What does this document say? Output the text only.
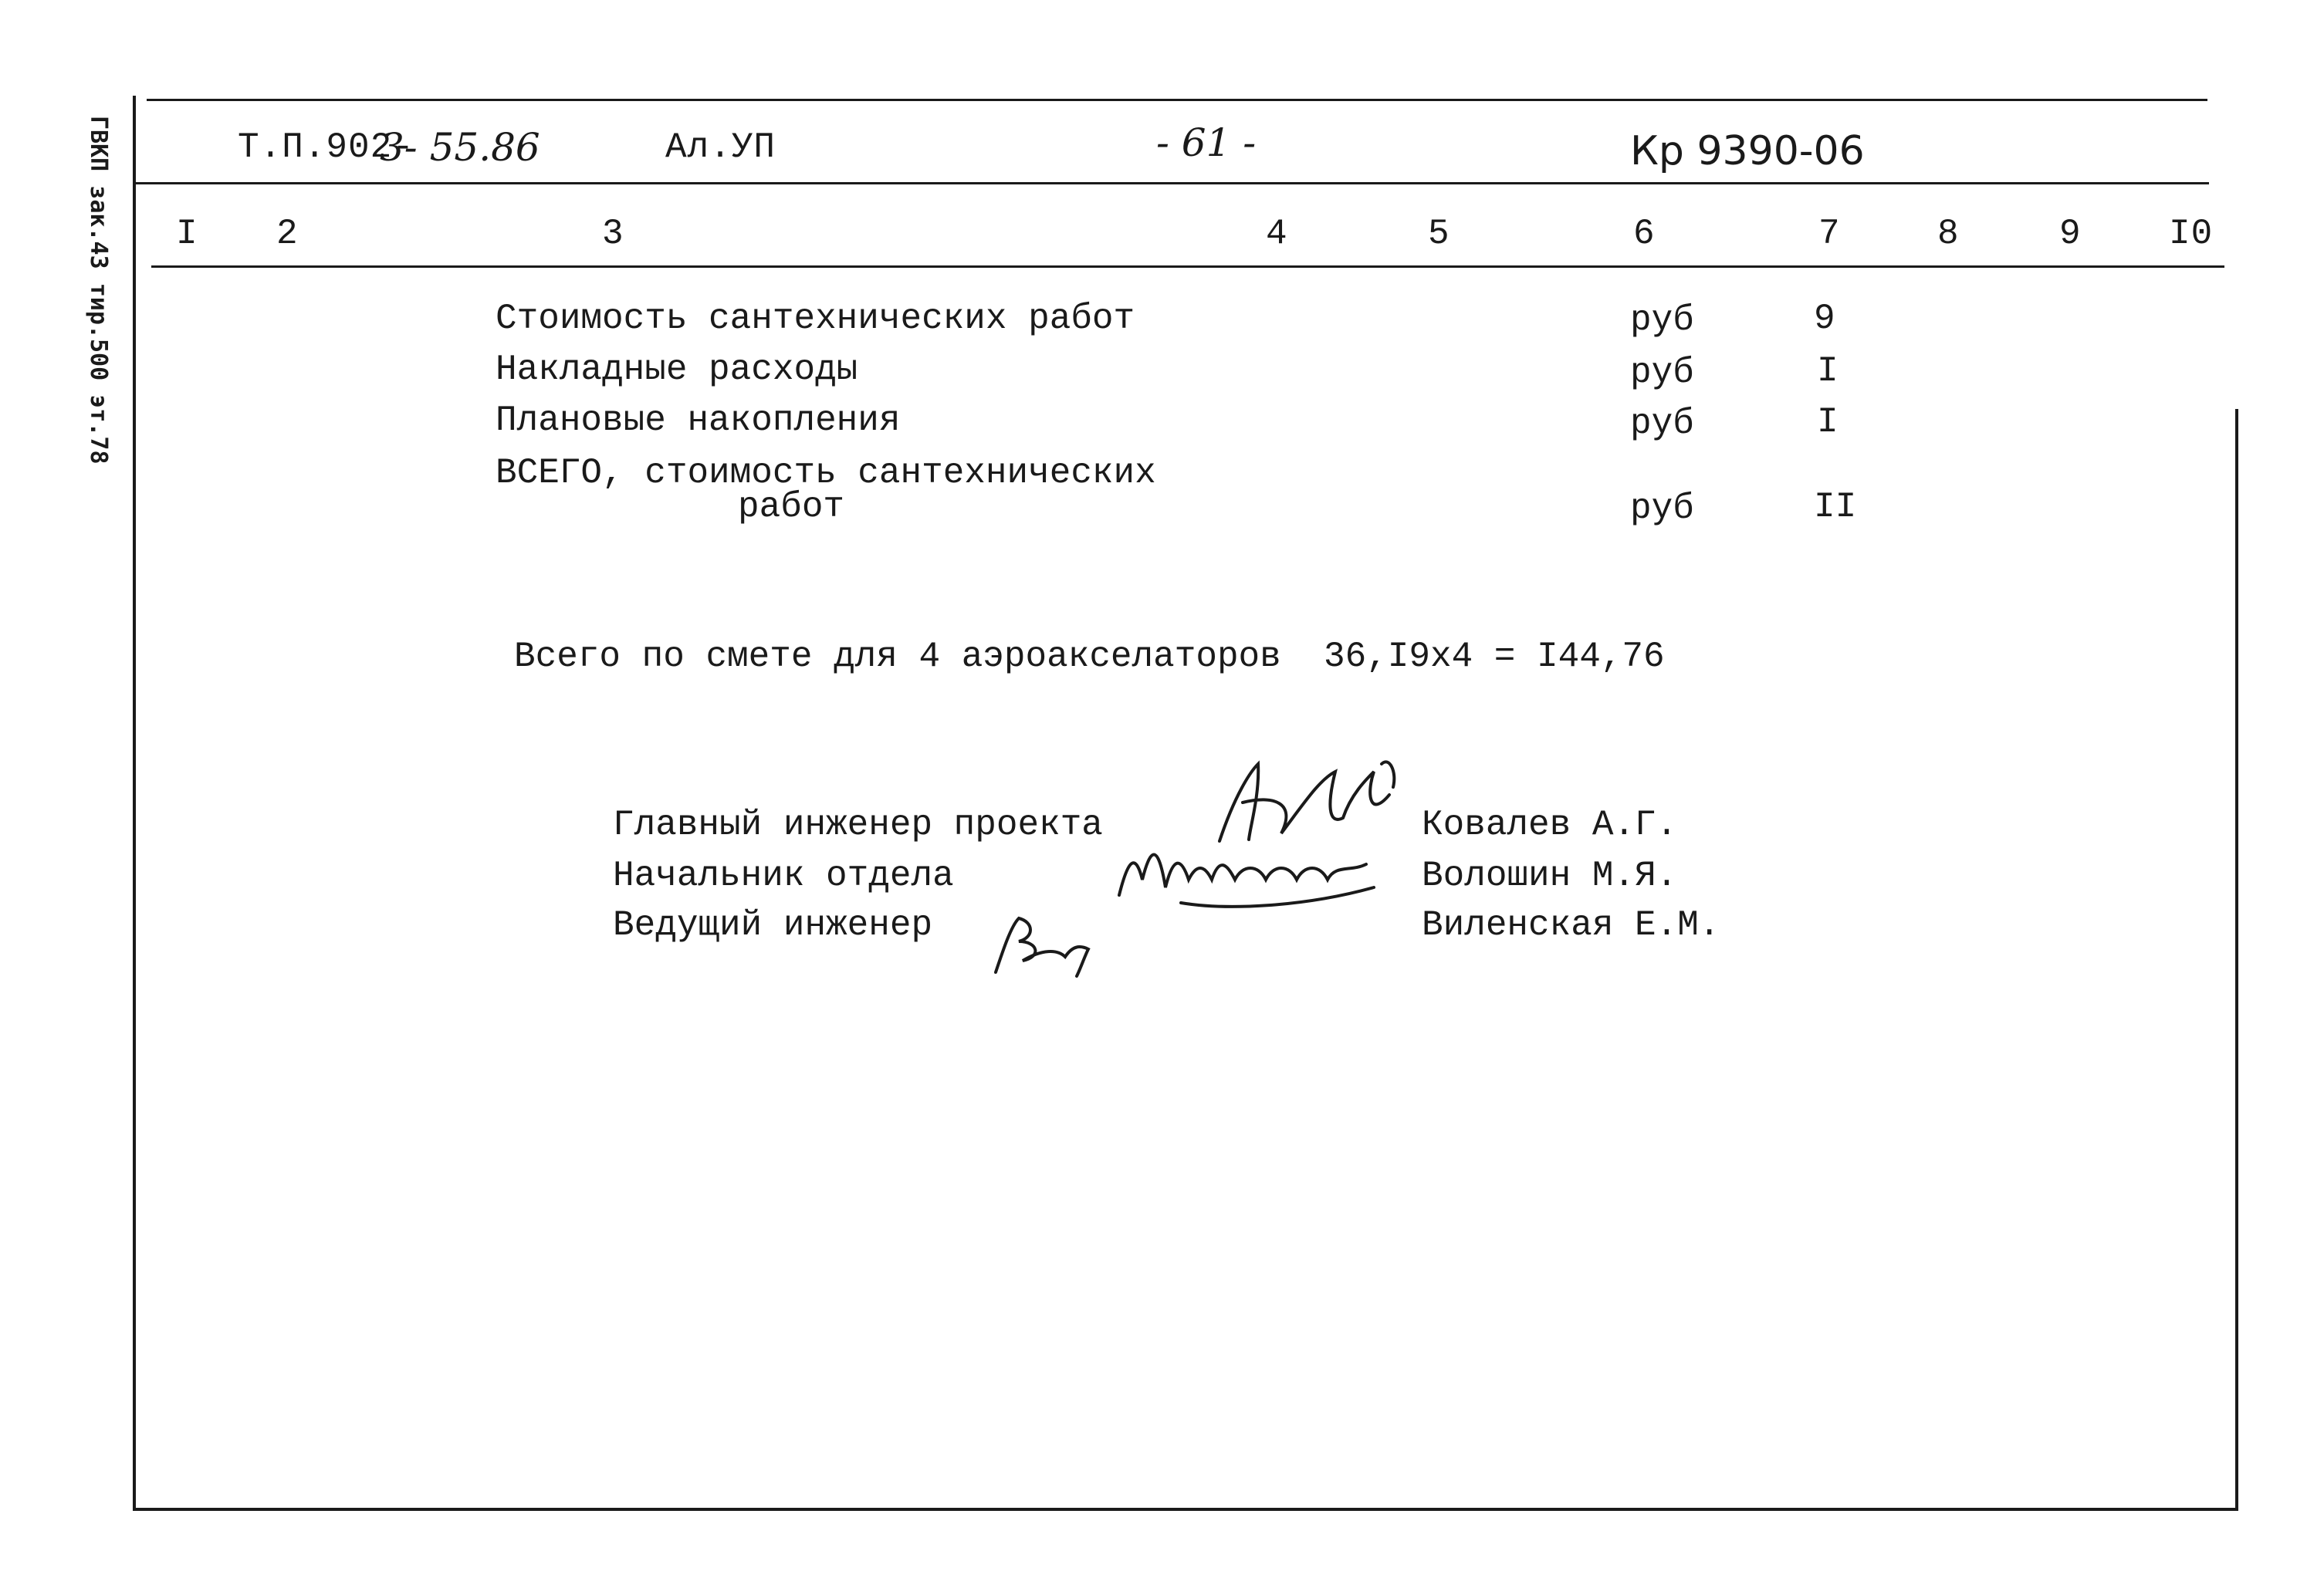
ГВКП зак.43 тир.500 эт.78	Т.П.902-
3- 55.86	Ал.УП	- 61 -	Кр 9390-06
I 2	3	4	5	6	7	8	9 I0
Стоимость сантехнических работ	руб	9
Накладные расходы	руб	I
Плановые накопления	руб	I
ВСЕГО, стоимость сантехнических
работ	руб	II
Всего по смете для 4 аэроакселаторов  36,I9x4 = I44,76
Главный инженер проекта	Ковалев А.Г.
Начальник отдела	Волошин М.Я.
Ведущий инженер	Виленская Е.М.
